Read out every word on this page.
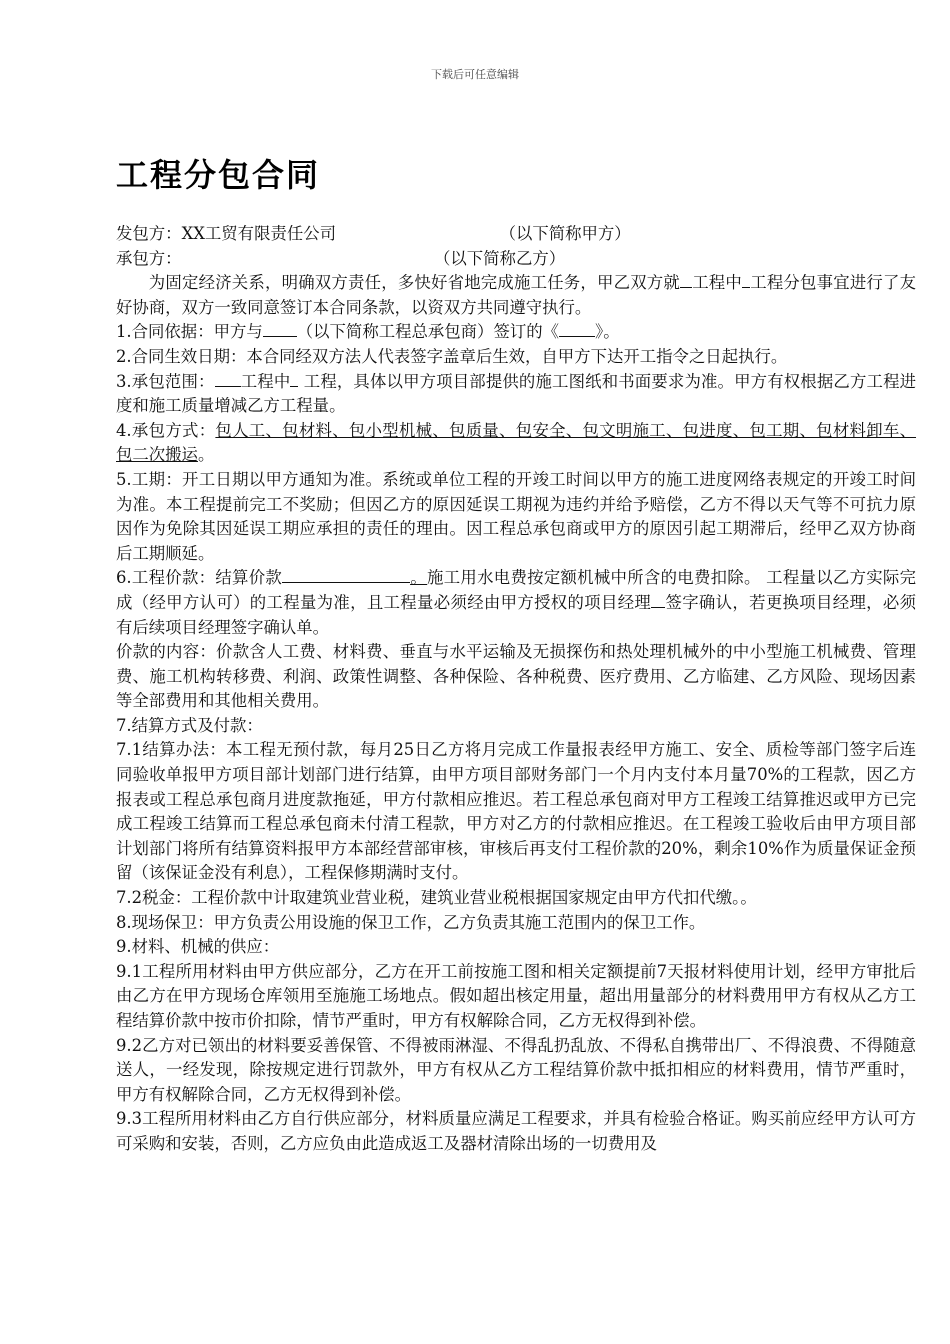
下载后可任意编辑
工程分包合同

发包方：XX工贸有限责任公司	（以下简称甲方）

承包方：	（以下简称乙方）

为固定经济关系，明确双方责任，多快好省地完成施工任务，甲乙双方就 工程中 工程分包事宜进行了友好协商，双方一致同意签订本合同条款，以资双方共同遵守执行。

1.合同依据：甲方与 （以下简称工程总承包商）签订的《 》。

2.合同生效日期：本合同经双方法人代表签字盖章后生效，自甲方下达开工指令之日起执行。

3.承包范围： 工程中 工程，具体以甲方项目部提供的施工图纸和书面要求为准。甲方有权根据乙方工程进度和施工质量增减乙方工程量。

4.承包方式：包人工、包材料、包小型机械、包质量、包安全、包文明施工、包进度、包工期、包材料卸车、包二次搬运。

5.工期：开工日期以甲方通知为准。系统或单位工程的开竣工时间以甲方的施工进度网络表规定的开竣工时间为准。本工程提前完工不奖励；但因乙方的原因延误工期视为违约并给予赔偿，乙方不得以天气等不可抗力原因作为免除其因延误工期应承担的责任的理由。因工程总承包商或甲方的原因引起工期滞后，经甲乙双方协商后工期顺延。

6.工程价款：结算价款	。施工用水电费按定额机械中所含的电费扣除。 工程量以乙方实际完成（经甲方认可）的工程量为准，且工程量必须经由甲方授权的项目经理 签字确认，若更换项目经理，必须有后续项目经理签字确认单。

价款的内容：价款含人工费、材料费、垂直与水平运输及无损探伤和热处理机械外的中小型施工机械费、管理费、施工机构转移费、利润、政策性调整、各种保险、各种税费、医疗费用、乙方临建、乙方风险、现场因素等全部费用和其他相关费用。

7.结算方式及付款：

7.1结算办法：本工程无预付款，每月25日乙方将月完成工作量报表经甲方施工、安全、质检等部门签字后连同验收单报甲方项目部计划部门进行结算，由甲方项目部财务部门一个月内支付本月量70%的工程款，因乙方报表或工程总承包商月进度款拖延，甲方付款相应推迟。若工程总承包商对甲方工程竣工结算推迟或甲方已完成工程竣工结算而工程总承包商未付清工程款，甲方对乙方的付款相应推迟。在工程竣工验收后由甲方项目部计划部门将所有结算资料报甲方本部经营部审核，审核后再支付工程价款的20%，剩余10%作为质量保证金预留（该保证金没有利息），工程保修期满时支付。

7.2税金：工程价款中计取建筑业营业税，建筑业营业税根据国家规定由甲方代扣代缴。。

8.现场保卫：甲方负责公用设施的保卫工作，乙方负责其施工范围内的保卫工作。

9.材料、机械的供应：

9.1工程所用材料由甲方供应部分，乙方在开工前按施工图和相关定额提前7天报材料使用计划，经甲方审批后由乙方在甲方现场仓库领用至施施工场地点。假如超出核定用量，超出用量部分的材料费用甲方有权从乙方工程结算价款中按市价扣除，情节严重时，甲方有权解除合同，乙方无权得到补偿。

9.2乙方对已领出的材料要妥善保管、不得被雨淋湿、不得乱扔乱放、不得私自携带出厂、不得浪费、不得随意送人，一经发现，除按规定进行罚款外，甲方有权从乙方工程结算价款中抵扣相应的材料费用，情节严重时，甲方有权解除合同，乙方无权得到补偿。

9.3工程所用材料由乙方自行供应部分，材料质量应满足工程要求，并具有检验合格证。购买前应经甲方认可方可采购和安装，否则，乙方应负由此造成返工及器材清除出场的一切费用及
